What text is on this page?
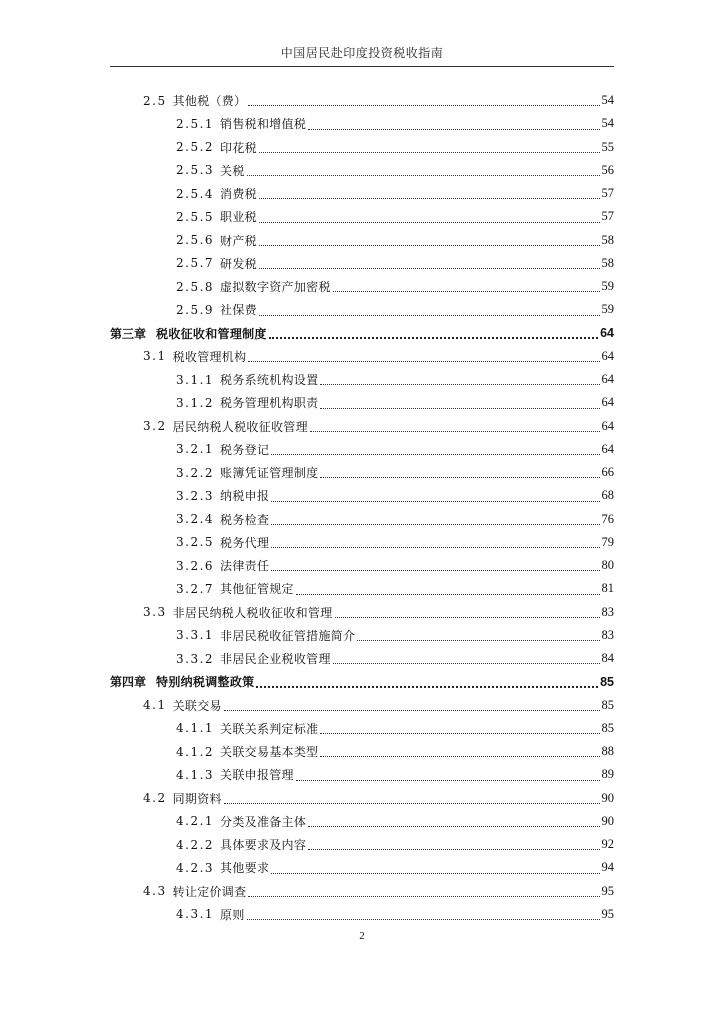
中国居民赴印度投资税收指南
2.5 其他税（费）	54
2.5.1 销售税和增值税	54
2.5.2 印花税	55
2.5.3 关税	56
2.5.4 消费税	57
2.5.5 职业税	57
2.5.6 财产税	58
2.5.7 研发税	58
2.5.8 虚拟数字资产加密税	59
2.5.9 社保费	59
第三章 税收征收和管理制度	64
3.1 税收管理机构	64
3.1.1 税务系统机构设置	64
3.1.2 税务管理机构职责	64
3.2 居民纳税人税收征收管理	64
3.2.1 税务登记	64
3.2.2 账簿凭证管理制度	66
3.2.3 纳税申报	68
3.2.4 税务检查	76
3.2.5 税务代理	79
3.2.6 法律责任	80
3.2.7 其他征管规定	81
3.3 非居民纳税人税收征收和管理	83
3.3.1 非居民税收征管措施简介	83
3.3.2 非居民企业税收管理	84
第四章 特别纳税调整政策	85
4.1 关联交易	85
4.1.1 关联关系判定标准	85
4.1.2 关联交易基本类型	88
4.1.3 关联申报管理	89
4.2 同期资料	90
4.2.1 分类及准备主体	90
4.2.2 具体要求及内容	92
4.2.3 其他要求	94
4.3 转让定价调查	95
4.3.1 原则	95
2
